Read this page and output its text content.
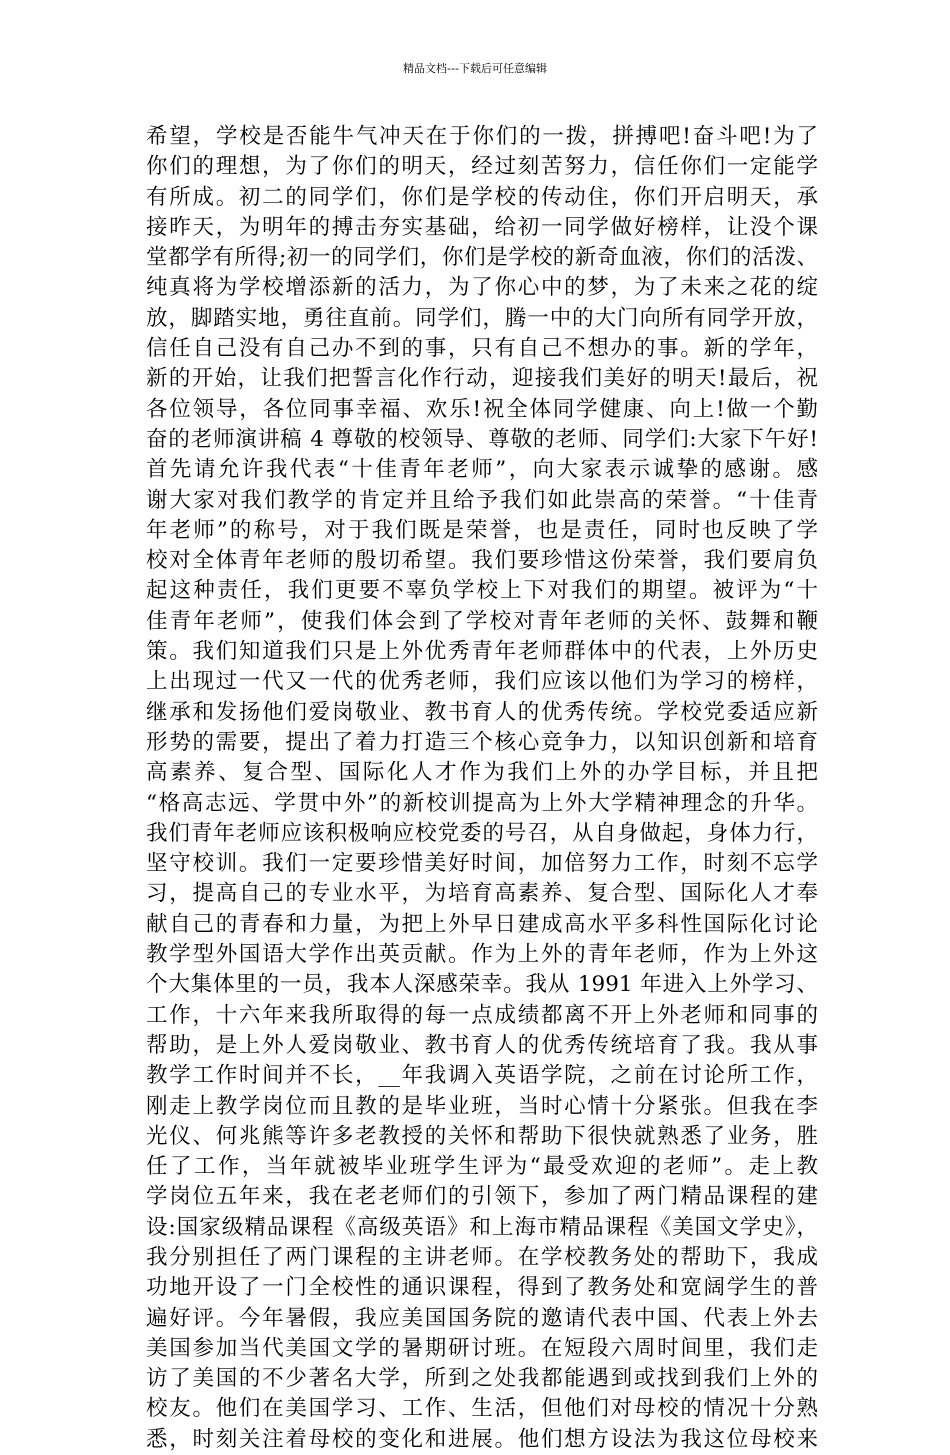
精品文档---下载后可任意编辑
希望，学校是否能牛气冲天在于你们的一拨，拼搏吧!奋斗吧!为了
你们的理想，为了你们的明天，经过刻苦努力，信任你们一定能学
有所成。初二的同学们，你们是学校的传动住，你们开启明天，承
接昨天，为明年的搏击夯实基础，给初一同学做好榜样，让没个课
堂都学有所得;初一的同学们，你们是学校的新奇血液，你们的活泼、
纯真将为学校增添新的活力，为了你心中的梦，为了未来之花的绽
放，脚踏实地，勇往直前。同学们，腾一中的大门向所有同学开放，
信任自己没有自己办不到的事，只有自己不想办的事。新的学年，
新的开始，让我们把誓言化作行动，迎接我们美好的明天!最后，祝
各位领导，各位同事幸福、欢乐!祝全体同学健康、向上!做一个勤
奋的老师演讲稿 4 尊敬的校领导、尊敬的老师、同学们:大家下午好!
首先请允许我代表“十佳青年老师”，向大家表示诚挚的感谢。感
谢大家对我们教学的肯定并且给予我们如此崇高的荣誉。“十佳青
年老师”的称号，对于我们既是荣誉，也是责任，同时也反映了学
校对全体青年老师的殷切希望。我们要珍惜这份荣誉，我们要肩负
起这种责任，我们更要不辜负学校上下对我们的期望。被评为“十
佳青年老师”，使我们体会到了学校对青年老师的关怀、鼓舞和鞭
策。我们知道我们只是上外优秀青年老师群体中的代表，上外历史
上出现过一代又一代的优秀老师，我们应该以他们为学习的榜样，
继承和发扬他们爱岗敬业、教书育人的优秀传统。学校党委适应新
形势的需要，提出了着力打造三个核心竞争力，以知识创新和培育
高素养、复合型、国际化人才作为我们上外的办学目标，并且把
“格高志远、学贯中外”的新校训提高为上外大学精神理念的升华。
我们青年老师应该积极响应校党委的号召，从自身做起，身体力行，
坚守校训。我们一定要珍惜美好时间，加倍努力工作，时刻不忘学
习，提高自己的专业水平，为培育高素养、复合型、国际化人才奉
献自己的青春和力量，为把上外早日建成高水平多科性国际化讨论
教学型外国语大学作出英贡献。作为上外的青年老师，作为上外这
个大集体里的一员，我本人深感荣幸。我从 1991 年进入上外学习、
工作，十六年来我所取得的每一点成绩都离不开上外老师和同事的
帮助，是上外人爱岗敬业、教书育人的优秀传统培育了我。我从事
教学工作时间并不长，__年我调入英语学院，之前在讨论所工作，
刚走上教学岗位而且教的是毕业班，当时心情十分紧张。但我在李
光仪、何兆熊等许多老教授的关怀和帮助下很快就熟悉了业务，胜
任了工作，当年就被毕业班学生评为“最受欢迎的老师”。走上教
学岗位五年来，我在老老师们的引领下，参加了两门精品课程的建
设:国家级精品课程《高级英语》和上海市精品课程《美国文学史》，
我分别担任了两门课程的主讲老师。在学校教务处的帮助下，我成
功地开设了一门全校性的通识课程，得到了教务处和宽阔学生的普
遍好评。今年暑假，我应美国国务院的邀请代表中国、代表上外去
美国参加当代美国文学的暑期研讨班。在短段六周时间里，我们走
访了美国的不少著名大学，所到之处我都能遇到或找到我们上外的
校友。他们在美国学习、工作、生活，但他们对母校的情况十分熟
悉，时刻关注着母校的变化和进展。他们想方设法为我这位母校来
